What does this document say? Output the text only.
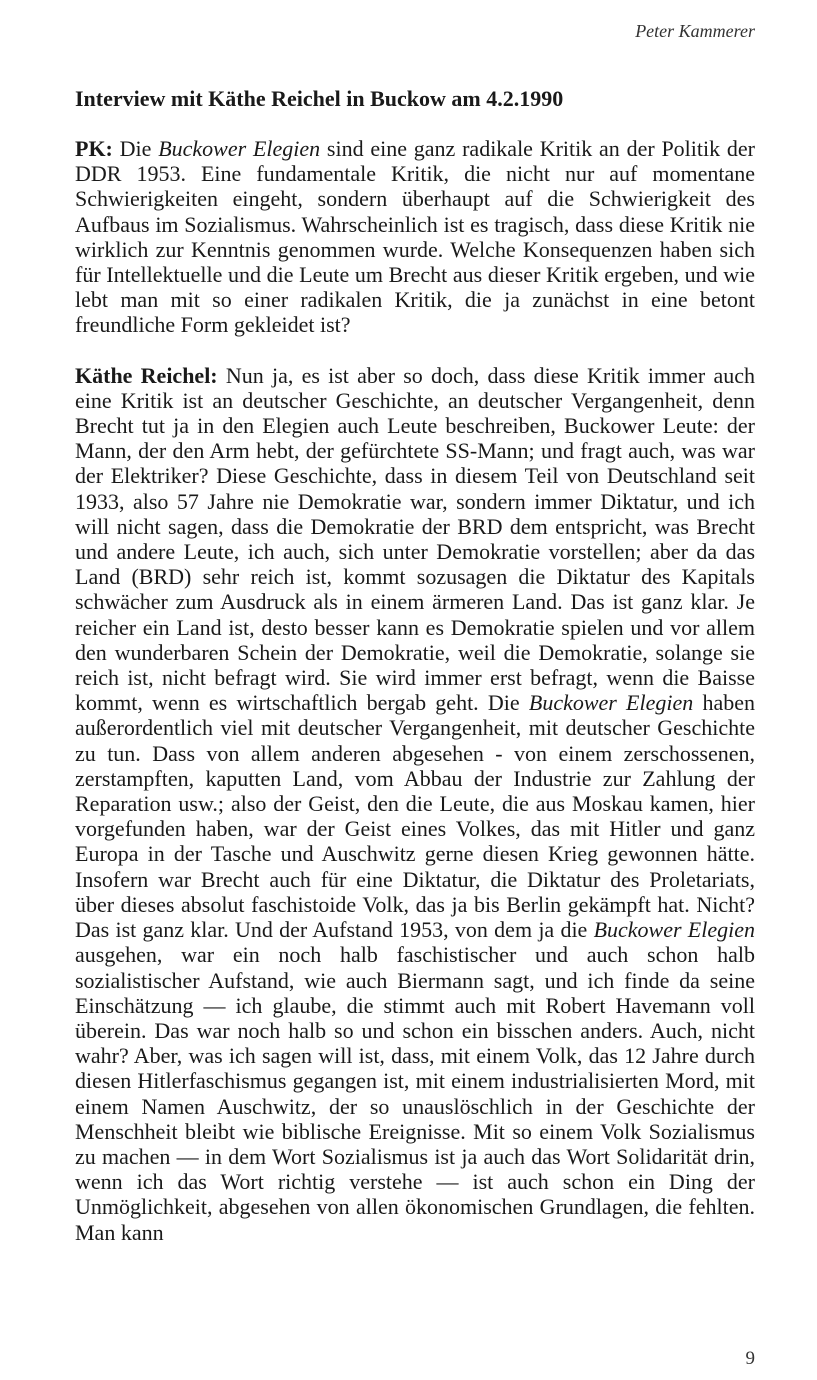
Peter Kammerer
Interview mit Käthe Reichel in Buckow am 4.2.1990

PK: Die Buckower Elegien sind eine ganz radikale Kritik an der Politik der DDR 1953. Eine fundamentale Kritik, die nicht nur auf momentane Schwierigkeiten eingeht, sondern überhaupt auf die Schwierigkeit des Aufbaus im Sozialismus. Wahrscheinlich ist es tragisch, dass diese Kritik nie wirklich zur Kenntnis genommen wurde. Welche Konsequenzen haben sich für Intellektuelle und die Leute um Brecht aus dieser Kritik ergeben, und wie lebt man mit so einer radikalen Kritik, die ja zunächst in eine betont freundliche Form gekleidet ist?

Käthe Reichel: Nun ja, es ist aber so doch, dass diese Kritik immer auch eine Kritik ist an deutscher Geschichte, an deutscher Vergangenheit, denn Brecht tut ja in den Elegien auch Leute beschreiben, Buckower Leute: der Mann, der den Arm hebt, der gefürchtete SS-Mann; und fragt auch, was war der Elektriker? Diese Geschichte, dass in diesem Teil von Deutschland seit 1933, also 57 Jahre nie Demokratie war, sondern immer Diktatur, und ich will nicht sagen, dass die Demokratie der BRD dem entspricht, was Brecht und andere Leute, ich auch, sich unter Demokratie vorstellen; aber da das Land (BRD) sehr reich ist, kommt sozusagen die Diktatur des Kapitals schwächer zum Ausdruck als in einem ärmeren Land. Das ist ganz klar. Je reicher ein Land ist, desto besser kann es Demokratie spielen und vor allem den wunderbaren Schein der Demokratie, weil die Demokratie, solange sie reich ist, nicht befragt wird. Sie wird immer erst befragt, wenn die Baisse kommt, wenn es wirtschaftlich bergab geht. Die Buckower Elegien haben außerordentlich viel mit deutscher Vergangenheit, mit deutscher Geschichte zu tun. Dass von allem anderen abgesehen - von einem zerschossenen, zerstampften, kaputten Land, vom Abbau der Industrie zur Zahlung der Reparation usw.; also der Geist, den die Leute, die aus Moskau kamen, hier vorgefunden haben, war der Geist eines Volkes, das mit Hitler und ganz Europa in der Tasche und Auschwitz gerne diesen Krieg gewonnen hätte. Insofern war Brecht auch für eine Diktatur, die Diktatur des Proletariats, über dieses absolut faschistoide Volk, das ja bis Berlin gekämpft hat. Nicht? Das ist ganz klar. Und der Aufstand 1953, von dem ja die Buckower Elegien ausgehen, war ein noch halb faschistischer und auch schon halb sozialistischer Aufstand, wie auch Biermann sagt, und ich finde da seine Einschätzung — ich glaube, die stimmt auch mit Robert Havemann voll überein. Das war noch halb so und schon ein bisschen anders. Auch, nicht wahr? Aber, was ich sagen will ist, dass, mit einem Volk, das 12 Jahre durch diesen Hitlerfaschismus gegangen ist, mit einem industrialisierten Mord, mit einem Namen Auschwitz, der so unauslöschlich in der Geschichte der Menschheit bleibt wie biblische Ereignisse. Mit so einem Volk Sozialismus zu machen — in dem Wort Sozialismus ist ja auch das Wort Solidarität drin, wenn ich das Wort richtig verstehe — ist auch schon ein Ding der Unmöglichkeit, abgesehen von allen ökonomischen Grundlagen, die fehlten. Man kann

9
